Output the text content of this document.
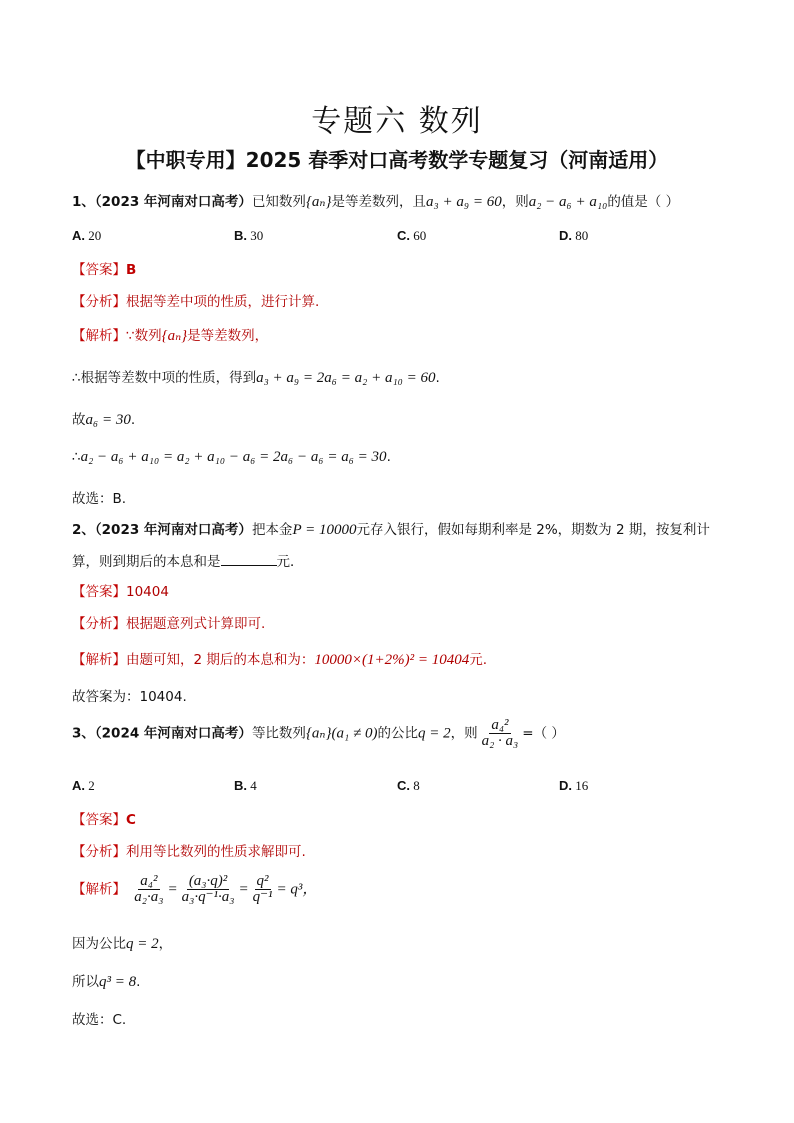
专题六 数列
【中职专用】2025 春季对口高考数学专题复习（河南适用）
1、（2023 年河南对口高考）已知数列{aₙ}是等差数列，且a₃ + a₉ = 60，则a₂ − a₆ + a₁₀的值是（ ）
A. 20	B. 30	C. 60	D. 80
【答案】B
【分析】根据等差中项的性质，进行计算.
【解析】∵数列{aₙ}是等差数列，
∴根据等差数中项的性质，得到a₃ + a₉ = 2a₆ = a₂ + a₁₀ = 60.
故a₆ = 30.
∴a₂ − a₆ + a₁₀ = a₂ + a₁₀ − a₆ = 2a₆ − a₆ = a₆ = 30.
故选：B.
2、（2023 年河南对口高考）把本金P = 10000元存入银行，假如每期利率是 2%，期数为 2 期，按复利计
算，则到期后的本息和是	元．
【答案】10404
【分析】根据题意列式计算即可.
【解析】由题可知，2 期后的本息和为：10000×(1+2%)² = 10404元.
故答案为：10404.
3、（2024 年河南对口高考）等比数列{aₙ}(a₁ ≠ 0)的公比q = 2，则 $\frac{\text{a₄²}}{\text{a₂ · a₃}}$ =（ ）
A. 2	B. 4	C. 8	D. 16
【答案】C
【分析】利用等比数列的性质求解即可.
【解析】 $\frac{\text{a₄²}}{\text{a₂·a₃}} = \frac{\text{(a₃·q)²}}{\text{a₃·q⁻¹·a₃}} = \frac{\text{q²}}{\text{q⁻¹}} = q^3$，
因为公比q = 2，
所以q³ = 8.
故选：C.
